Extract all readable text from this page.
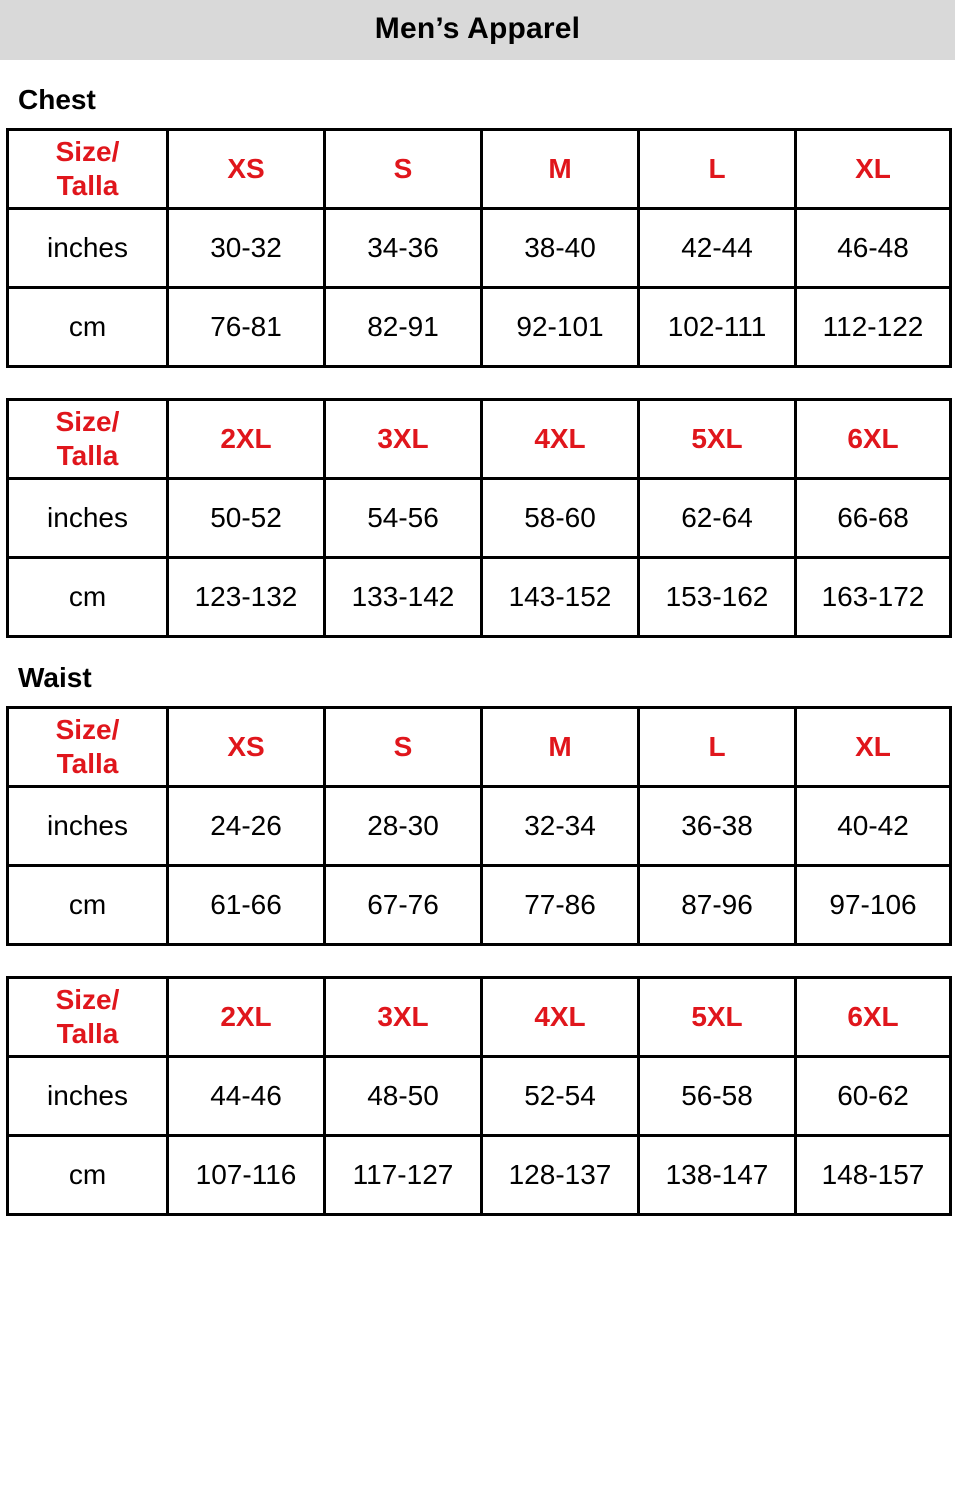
Men’s Apparel
Chest
Size/
Talla	XS	S	M	L	XL
inches	30-32	34-36	38-40	42-44	46-48
cm	76-81	82-91	92-101	102-111	112-122
Size/
Talla	2XL	3XL	4XL	5XL	6XL
inches	50-52	54-56	58-60	62-64	66-68
cm	123-132	133-142	143-152	153-162	163-172
Waist
Size/
Talla	XS	S	M	L	XL
inches	24-26	28-30	32-34	36-38	40-42
cm	61-66	67-76	77-86	87-96	97-106
Size/
Talla	2XL	3XL	4XL	5XL	6XL
inches	44-46	48-50	52-54	56-58	60-62
cm	107-116	117-127	128-137	138-147	148-157
